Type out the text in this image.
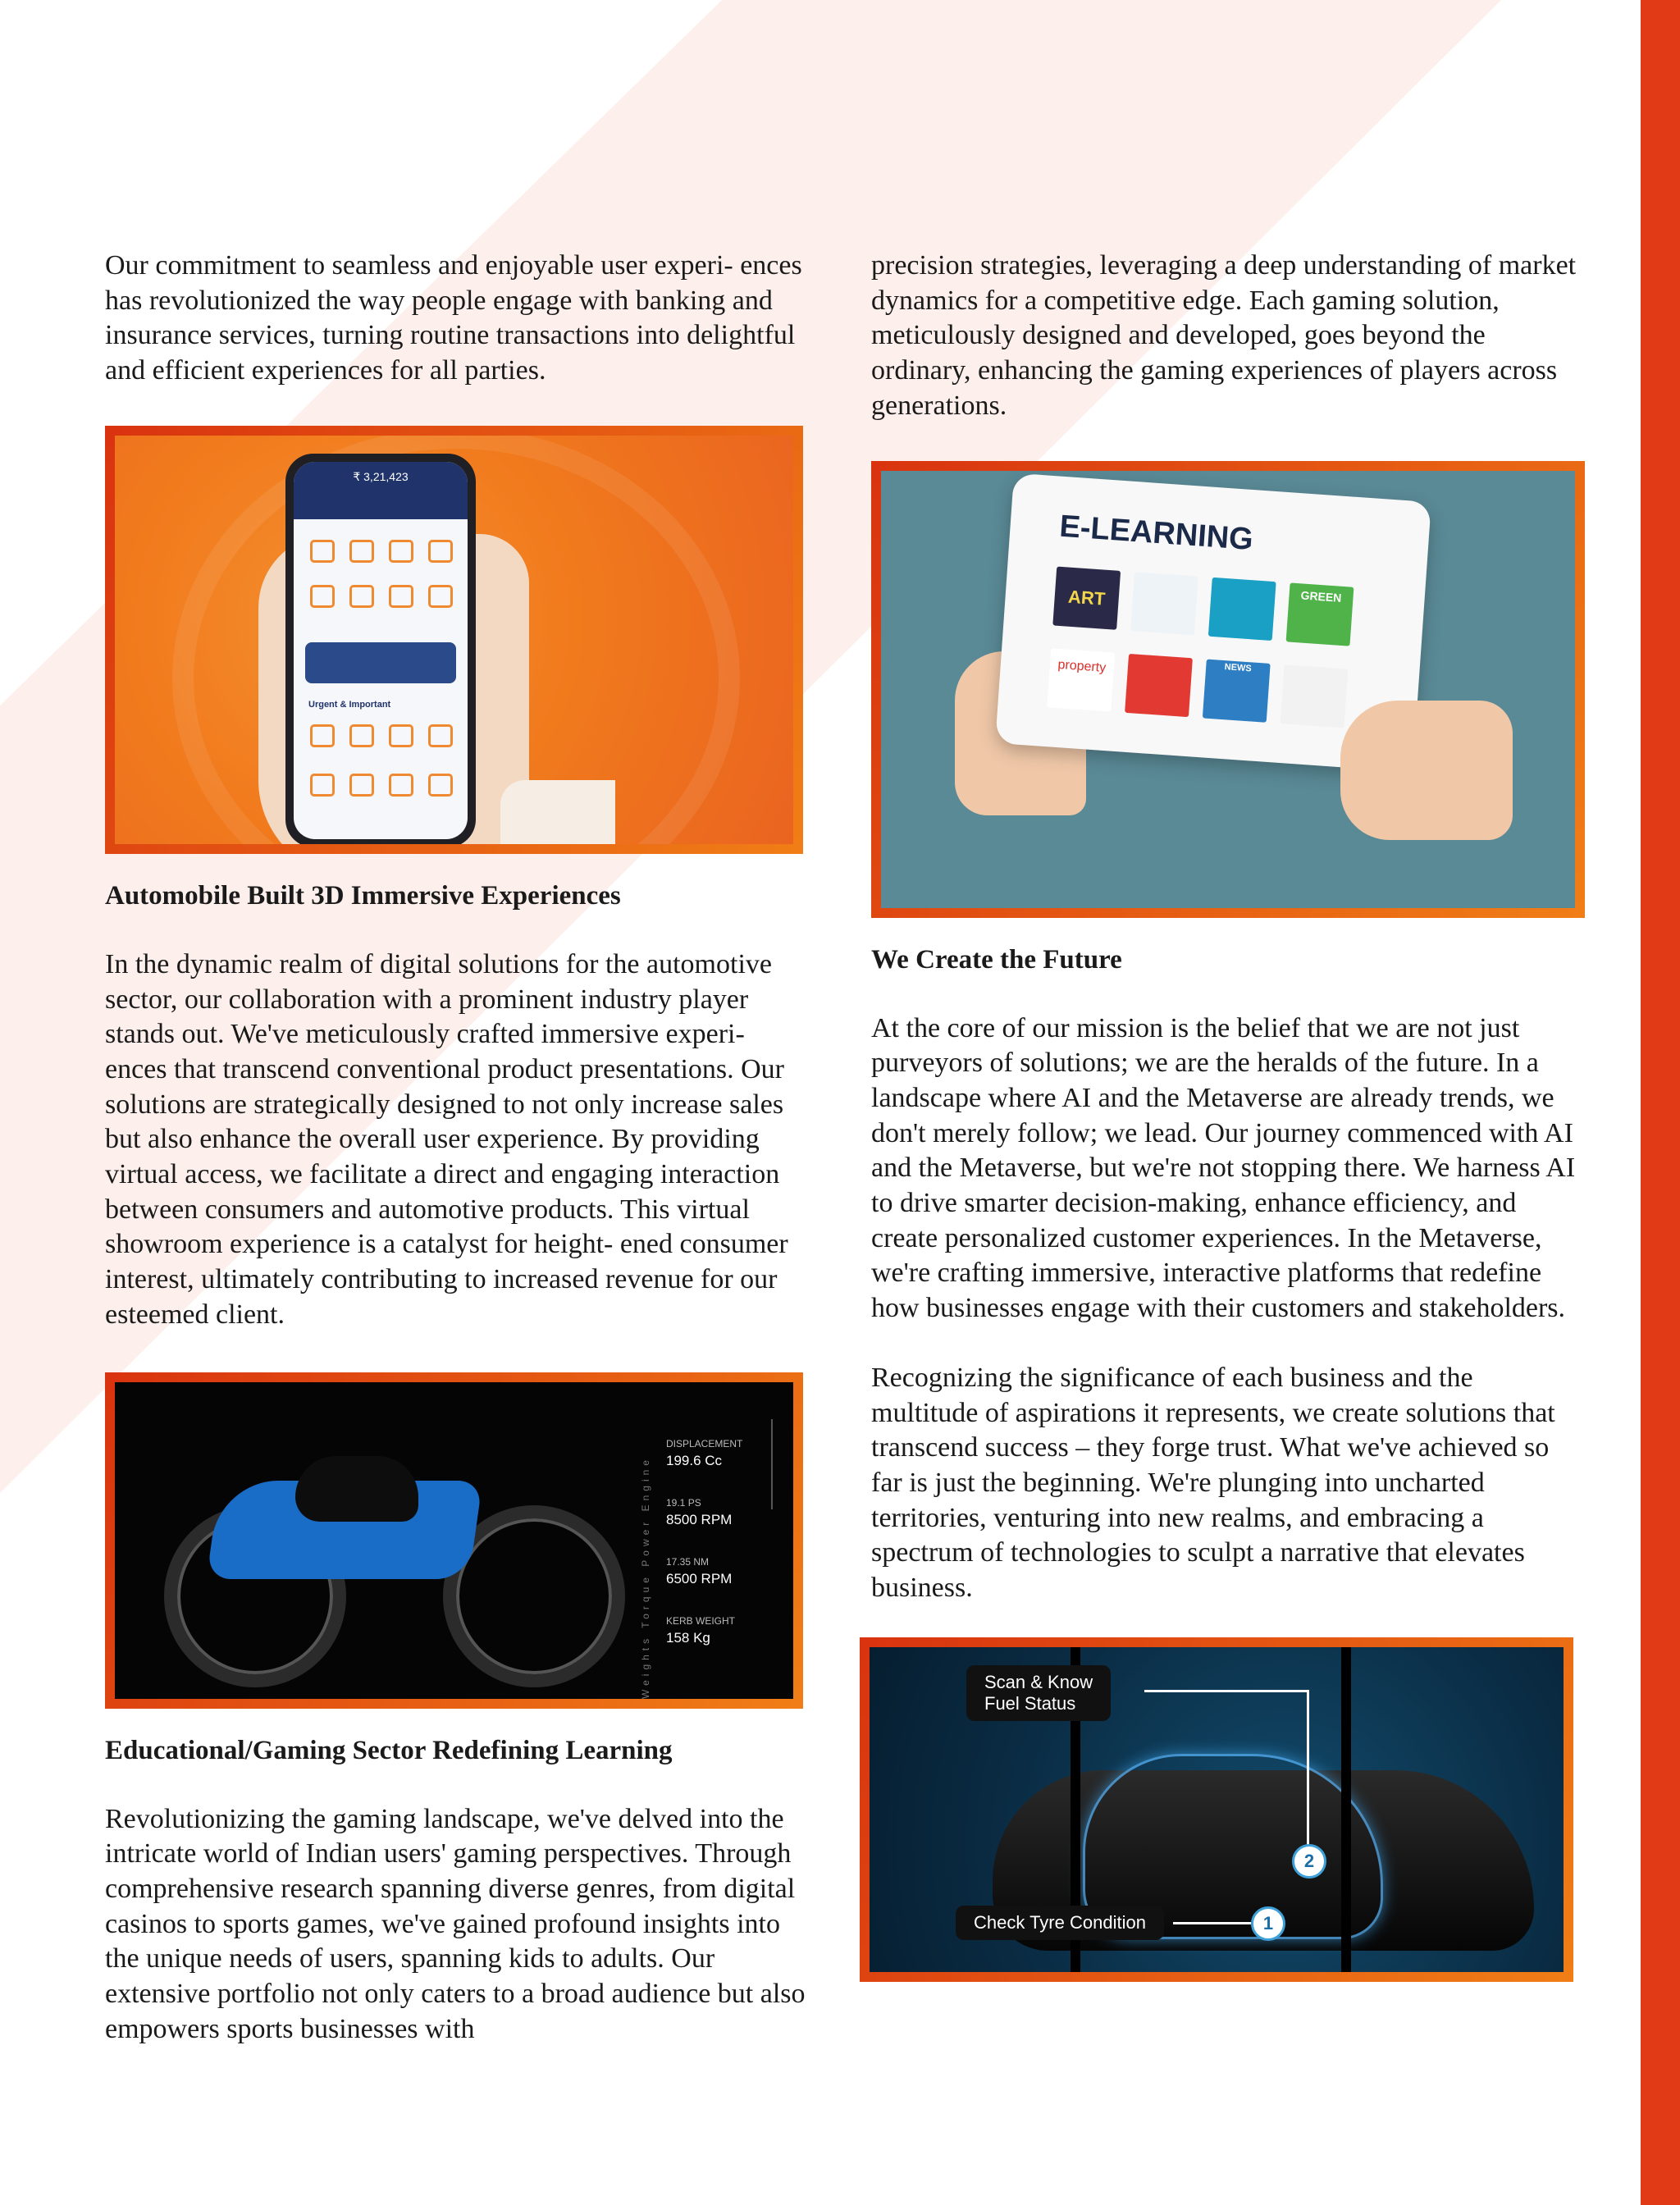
Our commitment to seamless and enjoyable user experi- ences has revolutionized the way people engage with banking and insurance services, turning routine transactions into delightful and efficient experiences for all parties.

₹ 3,21,423
Urgent & Important

Automobile Built 3D Immersive Experiences

In the dynamic realm of digital solutions for the automotive sector, our collaboration with a prominent industry player stands out. We've meticulously crafted immersive experi- ences that transcend conventional product presentations. Our solutions are strategically designed to not only increase sales but also enhance the overall user experience. By providing virtual access, we facilitate a direct and engaging interaction between consumers and automotive products. This virtual showroom experience is a catalyst for height- ened consumer interest, ultimately contributing to increased revenue for our esteemed client.

Weights Torque Power Engine
DISPLACEMENT
199.6 Cc
19.1 PS
8500 RPM
17.35 NM
6500 RPM
KERB WEIGHT
158 Kg

Educational/Gaming Sector Redefining Learning

Revolutionizing the gaming landscape, we've delved into the intricate world of Indian users' gaming perspectives. Through comprehensive research spanning diverse genres, from digital casinos to sports games, we've gained profound insights into the unique needs of users, spanning kids to adults. Our extensive portfolio not only caters to a broad audience but also empowers sports businesses with

precision strategies, leveraging a deep understanding of market dynamics for a competitive edge. Each gaming solution, meticulously designed and developed, goes beyond the ordinary, enhancing the gaming experiences of players across generations.

E-LEARNING
ART	GREEN
property	NEWS

We Create the Future

At the core of our mission is the belief that we are not just purveyors of solutions; we are the heralds of the future. In a landscape where AI and the Metaverse are already trends, we don't merely follow; we lead. Our journey commenced with AI and the Metaverse, but we're not stopping there. We harness AI to drive smarter decision-making, enhance efficiency, and create personalized customer experiences. In the Metaverse, we're crafting immersive, interactive platforms that redefine how businesses engage with their customers and stakeholders.

Recognizing the significance of each business and the multitude of aspirations it represents, we create solutions that transcend success – they forge trust. What we've achieved so far is just the beginning. We're plunging into uncharted territories, venturing into new realms, and embracing a spectrum of technologies to sculpt a narrative that elevates business.

Scan & Know
Fuel Status
2
Check Tyre Condition	1
